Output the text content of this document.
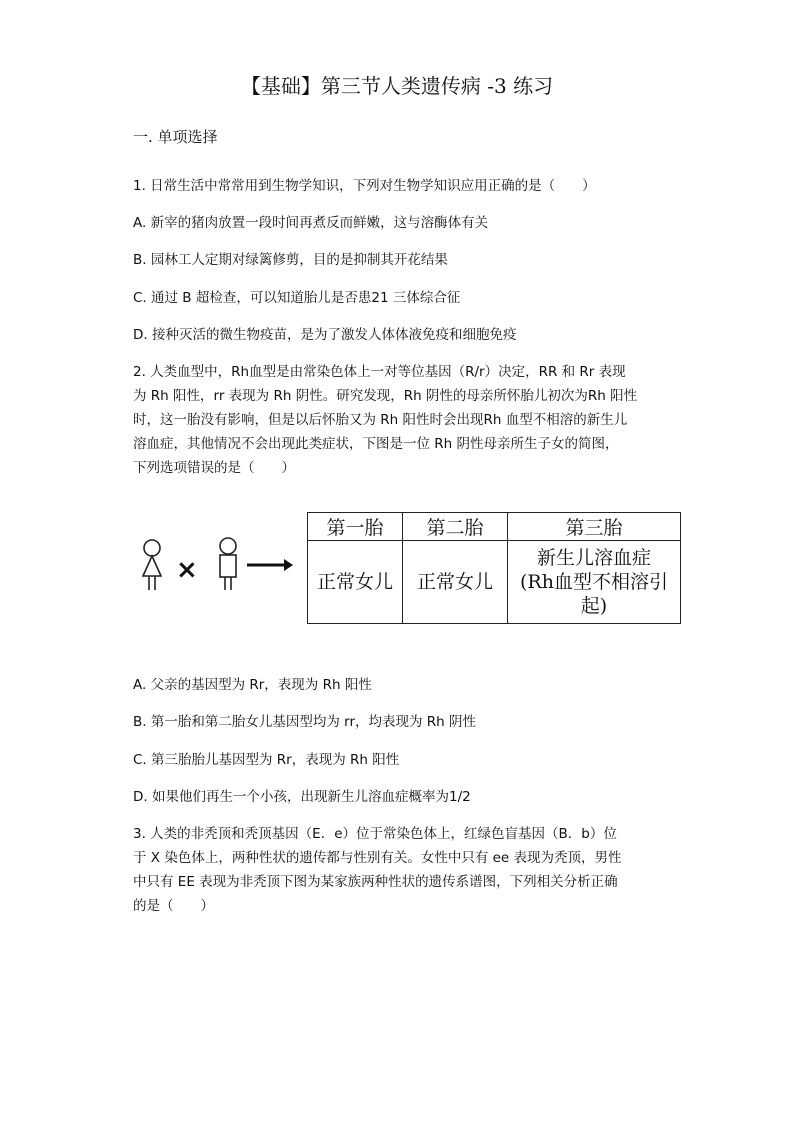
【基础】第三节人类遗传病 -3 练习
一. 单项选择
1. 日常生活中常常用到生物学知识，下列对生物学知识应用正确的是（　　）
A. 新宰的猪肉放置一段时间再煮反而鲜嫩，这与溶酶体有关
B. 园林工人定期对绿篱修剪，目的是抑制其开花结果
C. 通过 B 超检查，可以知道胎儿是否患21 三体综合征
D. 接种灭活的微生物疫苗，是为了激发人体体液免疫和细胞免疫
2. 人类血型中，Rh血型是由常染色体上一对等位基因（R/r）决定，RR 和 Rr 表现
为 Rh 阳性，rr 表现为 Rh 阴性。研究发现，Rh 阴性的母亲所怀胎儿初次为Rh 阳性
时，这一胎没有影响，但是以后怀胎又为 Rh 阳性时会出现Rh 血型不相溶的新生儿
溶血症，其他情况不会出现此类症状，下图是一位 Rh 阴性母亲所生子女的简图，
下列选项错误的是（　　）
×
第一胎	第二胎	第三胎
正常女儿	正常女儿	新生儿溶血症
(Rh血型不相溶引
起)
A. 父亲的基因型为 Rr，表现为 Rh 阳性
B. 第一胎和第二胎女儿基因型均为 rr，均表现为 Rh 阴性
C. 第三胎胎儿基因型为 Rr，表现为 Rh 阳性
D. 如果他们再生一个小孩，出现新生儿溶血症概率为1/2
3. 人类的非秃顶和秃顶基因（E．e）位于常染色体上，红绿色盲基因（B．b）位
于 X 染色体上，两种性状的遗传都与性别有关。女性中只有 ee 表现为秃顶，男性
中只有 EE 表现为非秃顶下图为某家族两种性状的遗传系谱图，下列相关分析正确
的是（　　）
